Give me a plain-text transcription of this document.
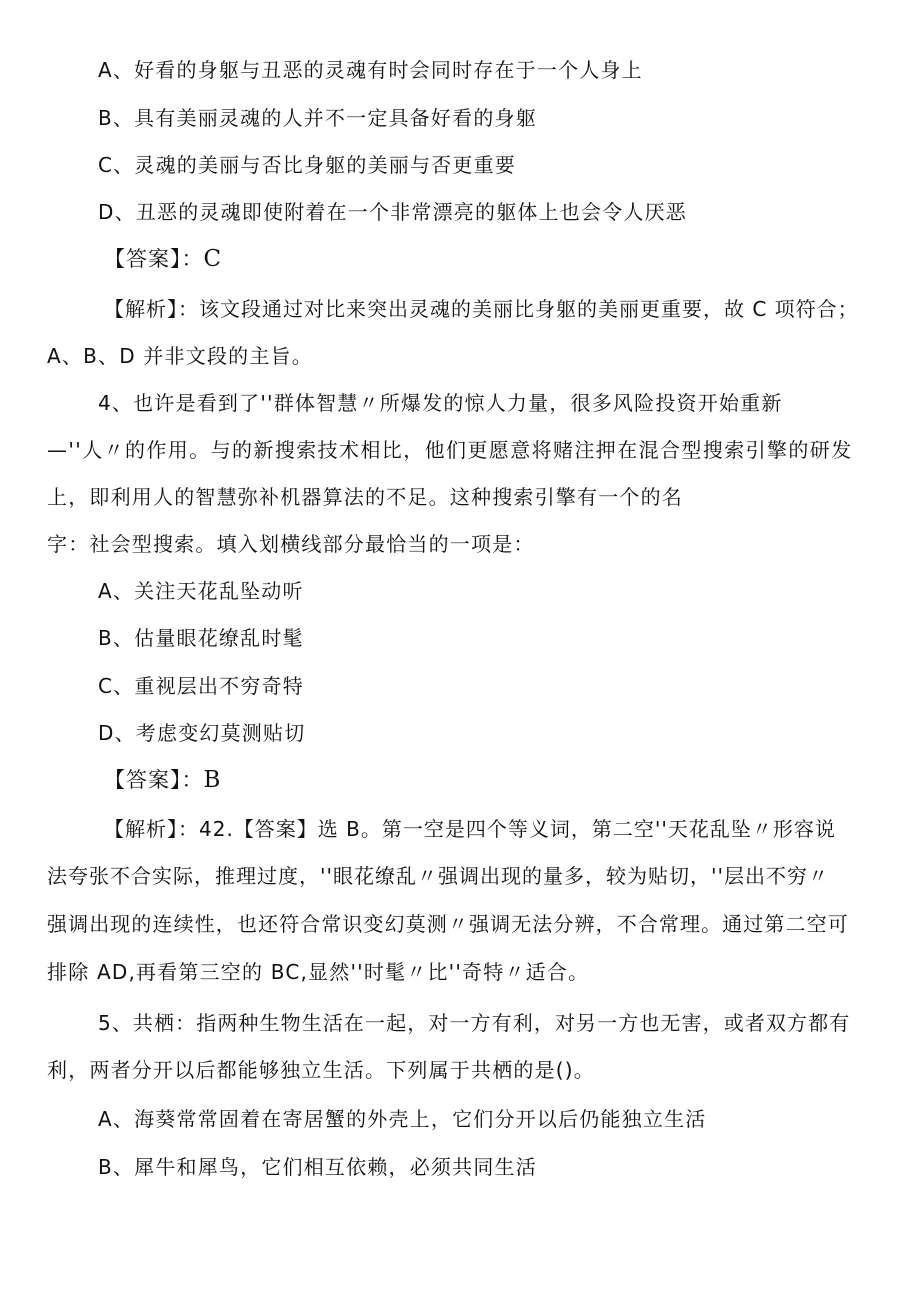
A、好看的身躯与丑恶的灵魂有时会同时存在于一个人身上
B、具有美丽灵魂的人并不一定具备好看的身躯
C、灵魂的美丽与否比身躯的美丽与否更重要
D、丑恶的灵魂即使附着在一个非常漂亮的躯体上也会令人厌恶
【答案】：C
【解析】：该文段通过对比来突出灵魂的美丽比身躯的美丽更重要，故 C 项符合；
A、B、D 并非文段的主旨。
4、也许是看到了''群体智慧〃所爆发的惊人力量，很多风险投资开始重新
—''人〃的作用。与的新搜索技术相比，他们更愿意将赌注押在混合型搜索引擎的研发
上，即利用人的智慧弥补机器算法的不足。这种搜索引擎有一个的名
字：社会型搜索。填入划横线部分最恰当的一项是：
A、关注天花乱坠动听
B、估量眼花缭乱时髦
C、重视层出不穷奇特
D、考虑变幻莫测贴切
【答案】：B
【解析】：42.【答案】选 B。第一空是四个等义词，第二空''天花乱坠〃形容说
法夸张不合实际，推理过度，''眼花缭乱〃强调出现的量多，较为贴切，''层出不穷〃
强调出现的连续性，也还符合常识变幻莫测〃强调无法分辨，不合常理。通过第二空可
排除 AD,再看第三空的 BC,显然''时髦〃比''奇特〃适合。
5、共栖：指两种生物生活在一起，对一方有利，对另一方也无害，或者双方都有
利，两者分开以后都能够独立生活。下列属于共栖的是()。
A、海葵常常固着在寄居蟹的外壳上，它们分开以后仍能独立生活
B、犀牛和犀鸟，它们相互依赖，必须共同生活
